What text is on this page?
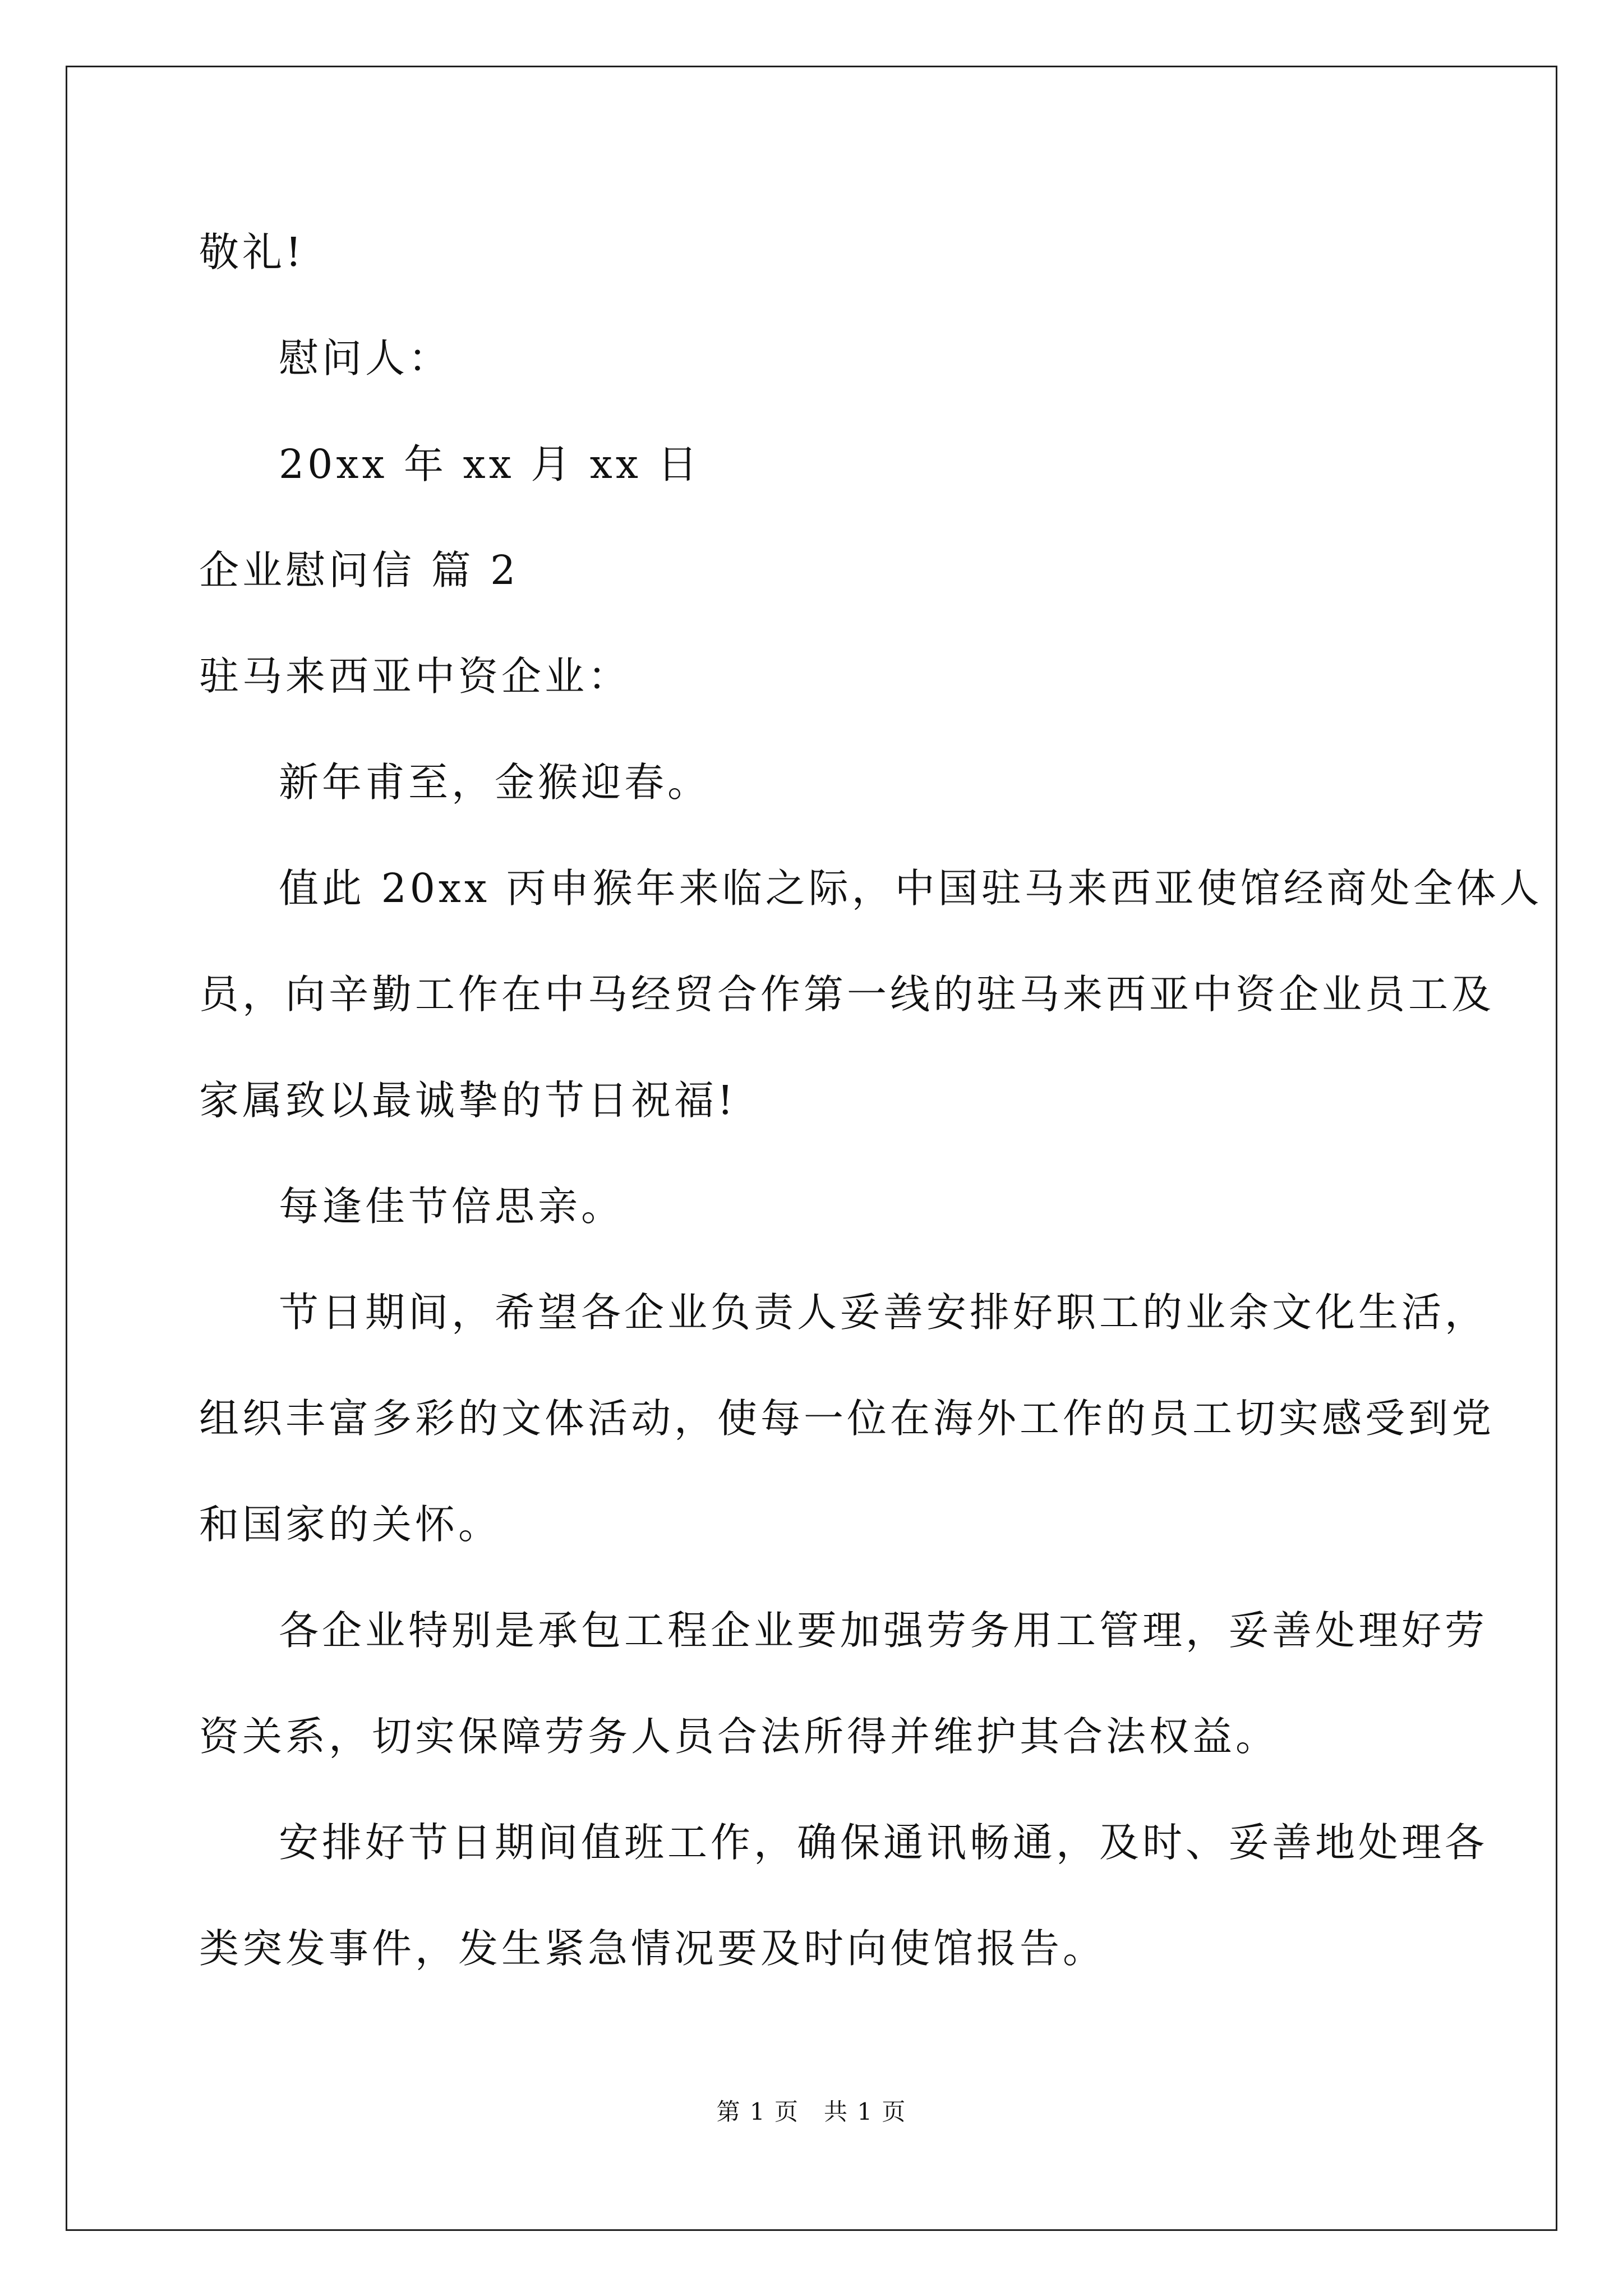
敬礼!
慰问人：
20xx 年 xx 月 xx 日
企业慰问信 篇 2
驻马来西亚中资企业：
新年甫至，金猴迎春。
值此 20xx 丙申猴年来临之际，中国驻马来西亚使馆经商处全体人
员，向辛勤工作在中马经贸合作第一线的驻马来西亚中资企业员工及
家属致以最诚挚的节日祝福!
每逢佳节倍思亲。
节日期间，希望各企业负责人妥善安排好职工的业余文化生活，
组织丰富多彩的文体活动，使每一位在海外工作的员工切实感受到党
和国家的关怀。
各企业特别是承包工程企业要加强劳务用工管理，妥善处理好劳
资关系，切实保障劳务人员合法所得并维护其合法权益。
安排好节日期间值班工作，确保通讯畅通，及时、妥善地处理各
类突发事件，发生紧急情况要及时向使馆报告。
第 1 页　共 1 页
